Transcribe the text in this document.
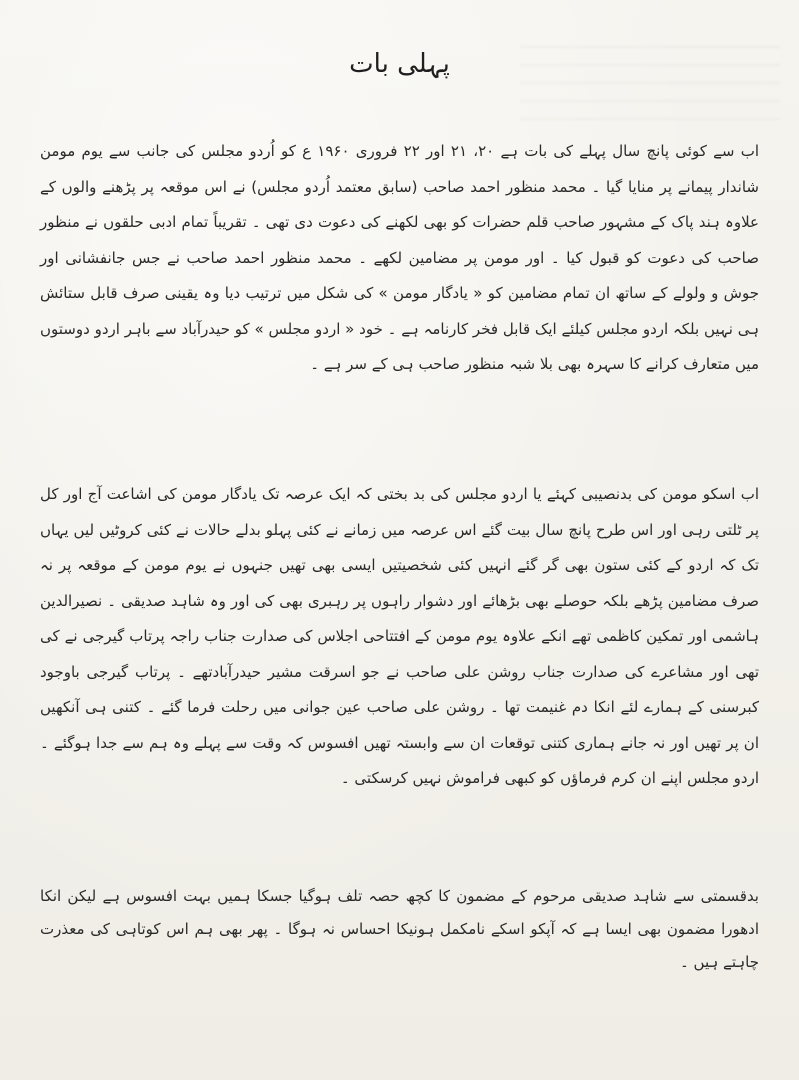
پہلی بات

اب سے کوئی پانچ سال پہلے کی بات ہے ۲۰، ۲۱ اور ۲۲ فروری ۱۹۶۰ ع کو اُردو مجلس کی جانب سے یوم مومن شاندار پیمانے پر منایا گیا ۔ محمد منظور احمد صاحب (سابق معتمد اُردو مجلس) نے اس موقعہ پر پڑھنے والوں کے علاوہ ہند پاک کے مشہور صاحب قلم حضرات کو بھی لکھنے کی دعوت دی تھی ۔ تقریباً تمام ادبی حلقوں نے منظور صاحب کی دعوت کو قبول کیا ۔ اور مومن پر مضامین لکھے ۔ محمد منظور احمد صاحب نے جس جانفشانی اور جوش و ولولے کے ساتھ ان تمام مضامین کو « یادگار مومن » کی شکل میں ترتیب دیا وہ یقینی صرف قابل ستائش ہی نہیں بلکہ اردو مجلس کیلئے ایک قابل فخر کارنامہ ہے ۔ خود « اردو مجلس » کو حیدرآباد سے باہر اردو دوستوں میں متعارف کرانے کا سہرہ بھی بلا شبہ منظور صاحب ہی کے سر ہے ۔

اب اسکو مومن کی بدنصیبی کہئے یا اردو مجلس کی بد بختی کہ ایک عرصہ تک یادگار مومن کی اشاعت آج اور کل پر ٹلتی رہی اور اس طرح پانچ سال بیت گئے اس عرصہ میں زمانے نے کئی پہلو بدلے حالات نے کئی کروٹیں لیں یہاں تک کہ اردو کے کئی ستون بھی گر گئے انہیں کئی شخصیتیں ایسی بھی تھیں جنہوں نے یوم مومن کے موقعہ پر نہ صرف مضامین پڑھے بلکہ حوصلے بھی بڑھائے اور دشوار راہوں پر رہبری بھی کی اور وہ شاہد صدیقی ۔ نصیرالدین ہاشمی اور تمکین کاظمی تھے انکے علاوہ یوم مومن کے افتتاحی اجلاس کی صدارت جناب راجہ پرتاب گیرجی نے کی تھی اور مشاعرے کی صدارت جناب روشن علی صاحب نے جو اسرقت مشیر حیدرآبادتھے ۔ پرتاب گیرجی باوجود کبرسنی کے ہمارے لئے انکا دم غنیمت تھا ۔ روشن علی صاحب عین جوانی میں رحلت فرما گئے ۔ کتنی ہی آنکھیں ان پر تھیں اور نہ جانے ہماری کتنی توقعات ان سے وابستہ تھیں افسوس کہ وقت سے پہلے وہ ہم سے جدا ہوگئے ۔ اردو مجلس اپنے ان کرم فرماؤں کو کبھی فراموش نہیں کرسکتی ۔

بدقسمتی سے شاہد صدیقی مرحوم کے مضمون کا کچھ حصہ تلف ہوگیا جسکا ہمیں بہت افسوس ہے لیکن انکا ادھورا مضمون بھی ایسا ہے کہ آپکو اسکے نامکمل ہونیکا احساس نہ ہوگا ۔ پھر بھی ہم اس کوتاہی کی معذرت چاہتے ہیں ۔
